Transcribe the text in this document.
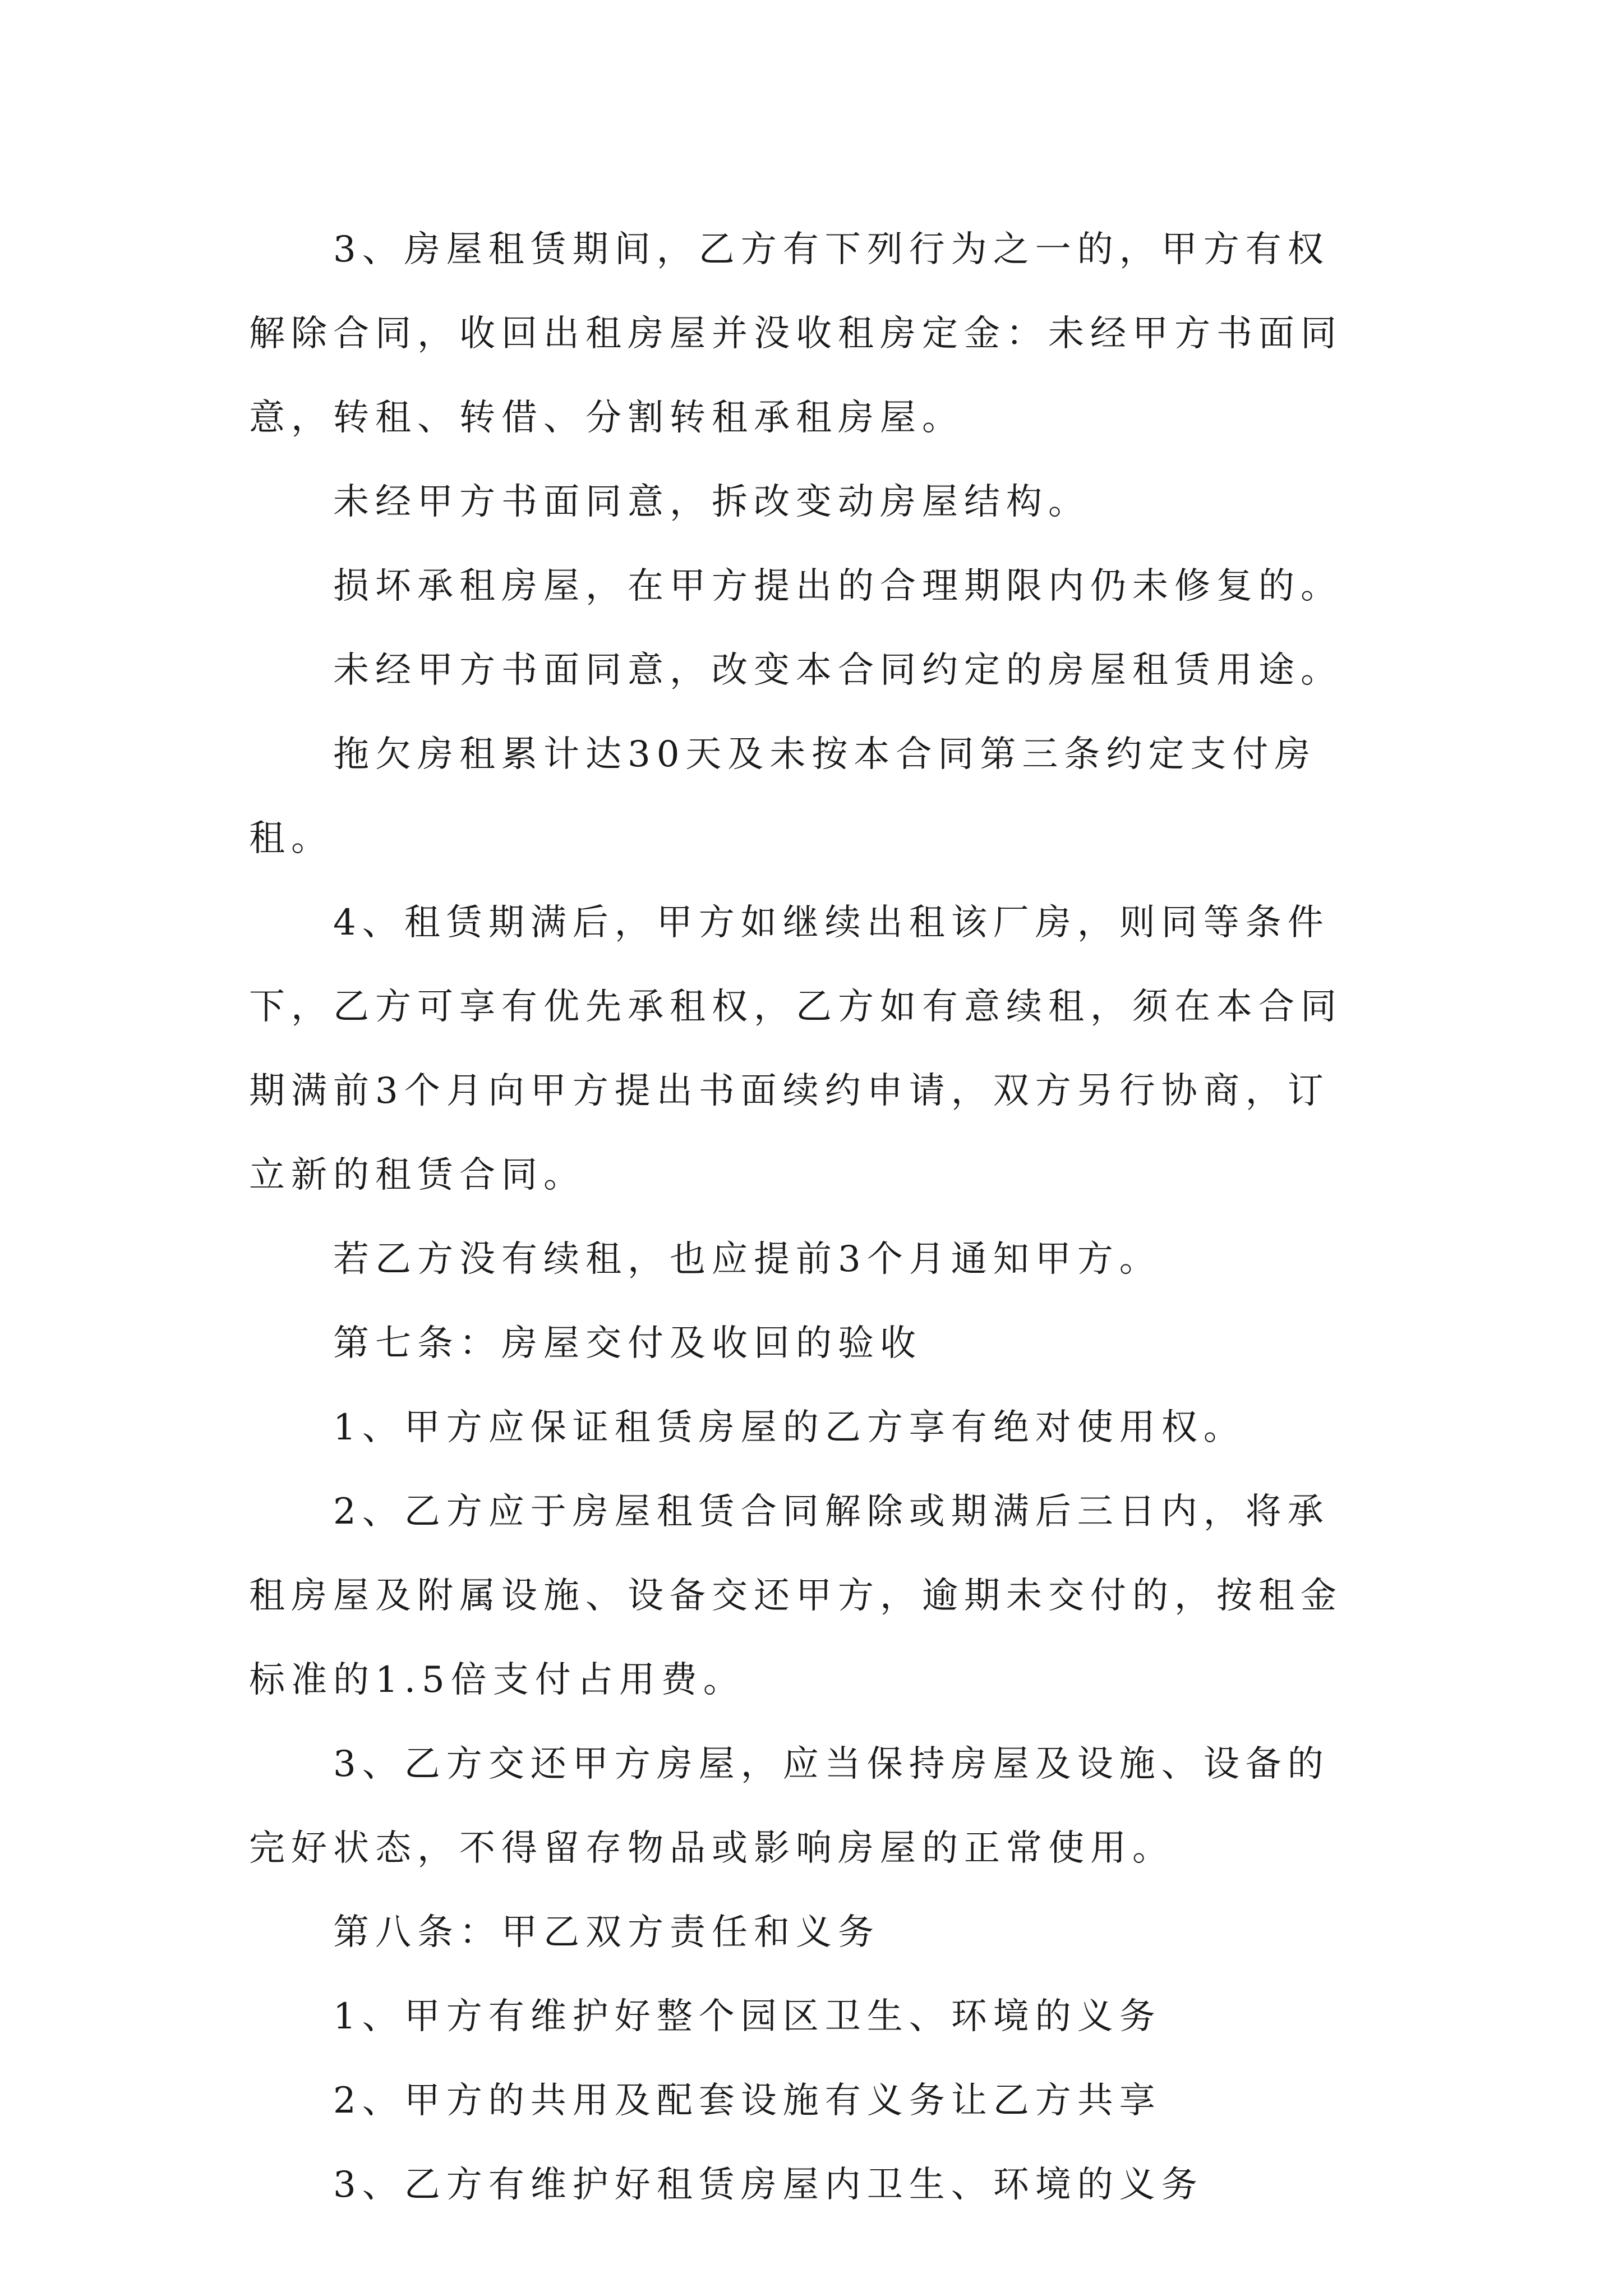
3、房屋租赁期间，乙方有下列行为之一的，甲方有权
解除合同，收回出租房屋并没收租房定金：未经甲方书面同
意，转租、转借、分割转租承租房屋。
未经甲方书面同意，拆改变动房屋结构。
损坏承租房屋，在甲方提出的合理期限内仍未修复的。
未经甲方书面同意，改变本合同约定的房屋租赁用途。
拖欠房租累计达30天及未按本合同第三条约定支付房
租。
4、租赁期满后，甲方如继续出租该厂房，则同等条件
下，乙方可享有优先承租权，乙方如有意续租，须在本合同
期满前3个月向甲方提出书面续约申请，双方另行协商，订
立新的租赁合同。
若乙方没有续租，也应提前3个月通知甲方。
第七条：房屋交付及收回的验收
1、甲方应保证租赁房屋的乙方享有绝对使用权。
2、乙方应于房屋租赁合同解除或期满后三日内，将承
租房屋及附属设施、设备交还甲方，逾期未交付的，按租金
标准的1.5倍支付占用费。
3、乙方交还甲方房屋，应当保持房屋及设施、设备的
完好状态，不得留存物品或影响房屋的正常使用。
第八条：甲乙双方责任和义务
1、甲方有维护好整个园区卫生、环境的义务
2、甲方的共用及配套设施有义务让乙方共享
3、乙方有维护好租赁房屋内卫生、环境的义务
